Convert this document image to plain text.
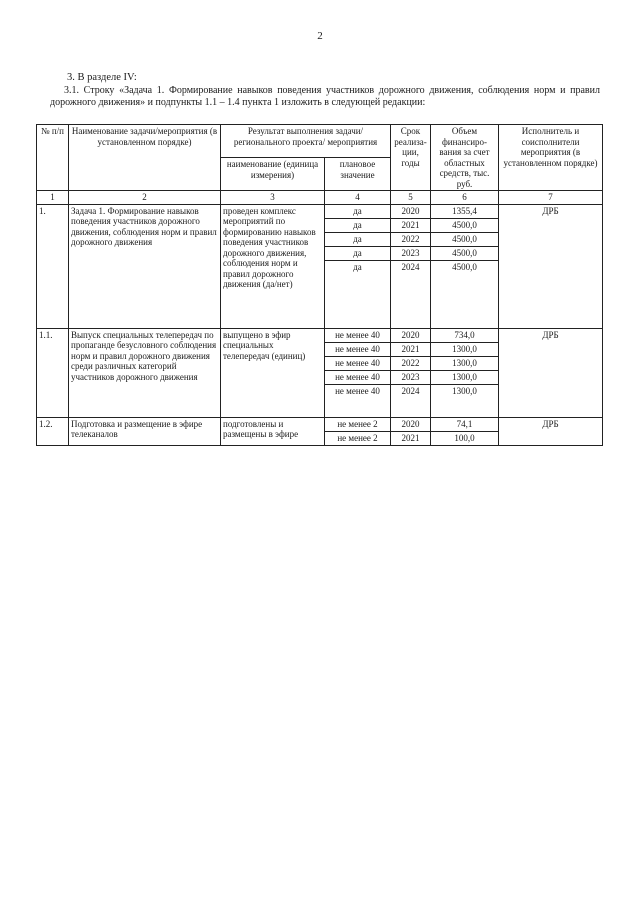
2
3. В разделе IV:
3.1. Строку «Задача 1. Формирование навыков поведения участников дорожного движения, соблюдения норм и правил дорожного движения» и подпункты 1.1 – 1.4 пункта 1 изложить в следующей редакции:
№ п/п	Наименование задачи/мероприятия (в установленном порядке)	Результат выполнения задачи/ регионального проекта/ мероприятия		Срок реализа-ции, годы	Объем финансиро-вания за счет областных средств, тыс. руб.	Исполнитель и соисполнители мероприятия (в установленном порядке)
		наименование (единица измерения)	плановое значение			
1	2	3	4	5	6	7
1.	Задача 1. Формирование навыков поведения участников дорожного движения, соблюдения норм и правил дорожного движения	проведен комплекс мероприятий по формированию навыков поведения участников дорожного движения, соблюдения норм и правил дорожного движения (да/нет)	да	2020	1355,4	ДРБ
			да	2021	4500,0	
			да	2022	4500,0	
			да	2023	4500,0	
			да	2024	4500,0	
1.1.	Выпуск специальных телепередач по пропаганде безусловного соблюдения норм и правил дорожного движения среди различных категорий участников дорожного движения	выпущено в эфир специальных телепередач (единиц)	не менее 40	2020	734,0	ДРБ
			не менее 40	2021	1300,0	
			не менее 40	2022	1300,0	
			не менее 40	2023	1300,0	
			не менее 40	2024	1300,0	
1.2.	Подготовка и размещение в эфире телеканалов	подготовлены и размещены в эфире	не менее 2	2020	74,1	ДРБ
			не менее 2	2021	100,0	
